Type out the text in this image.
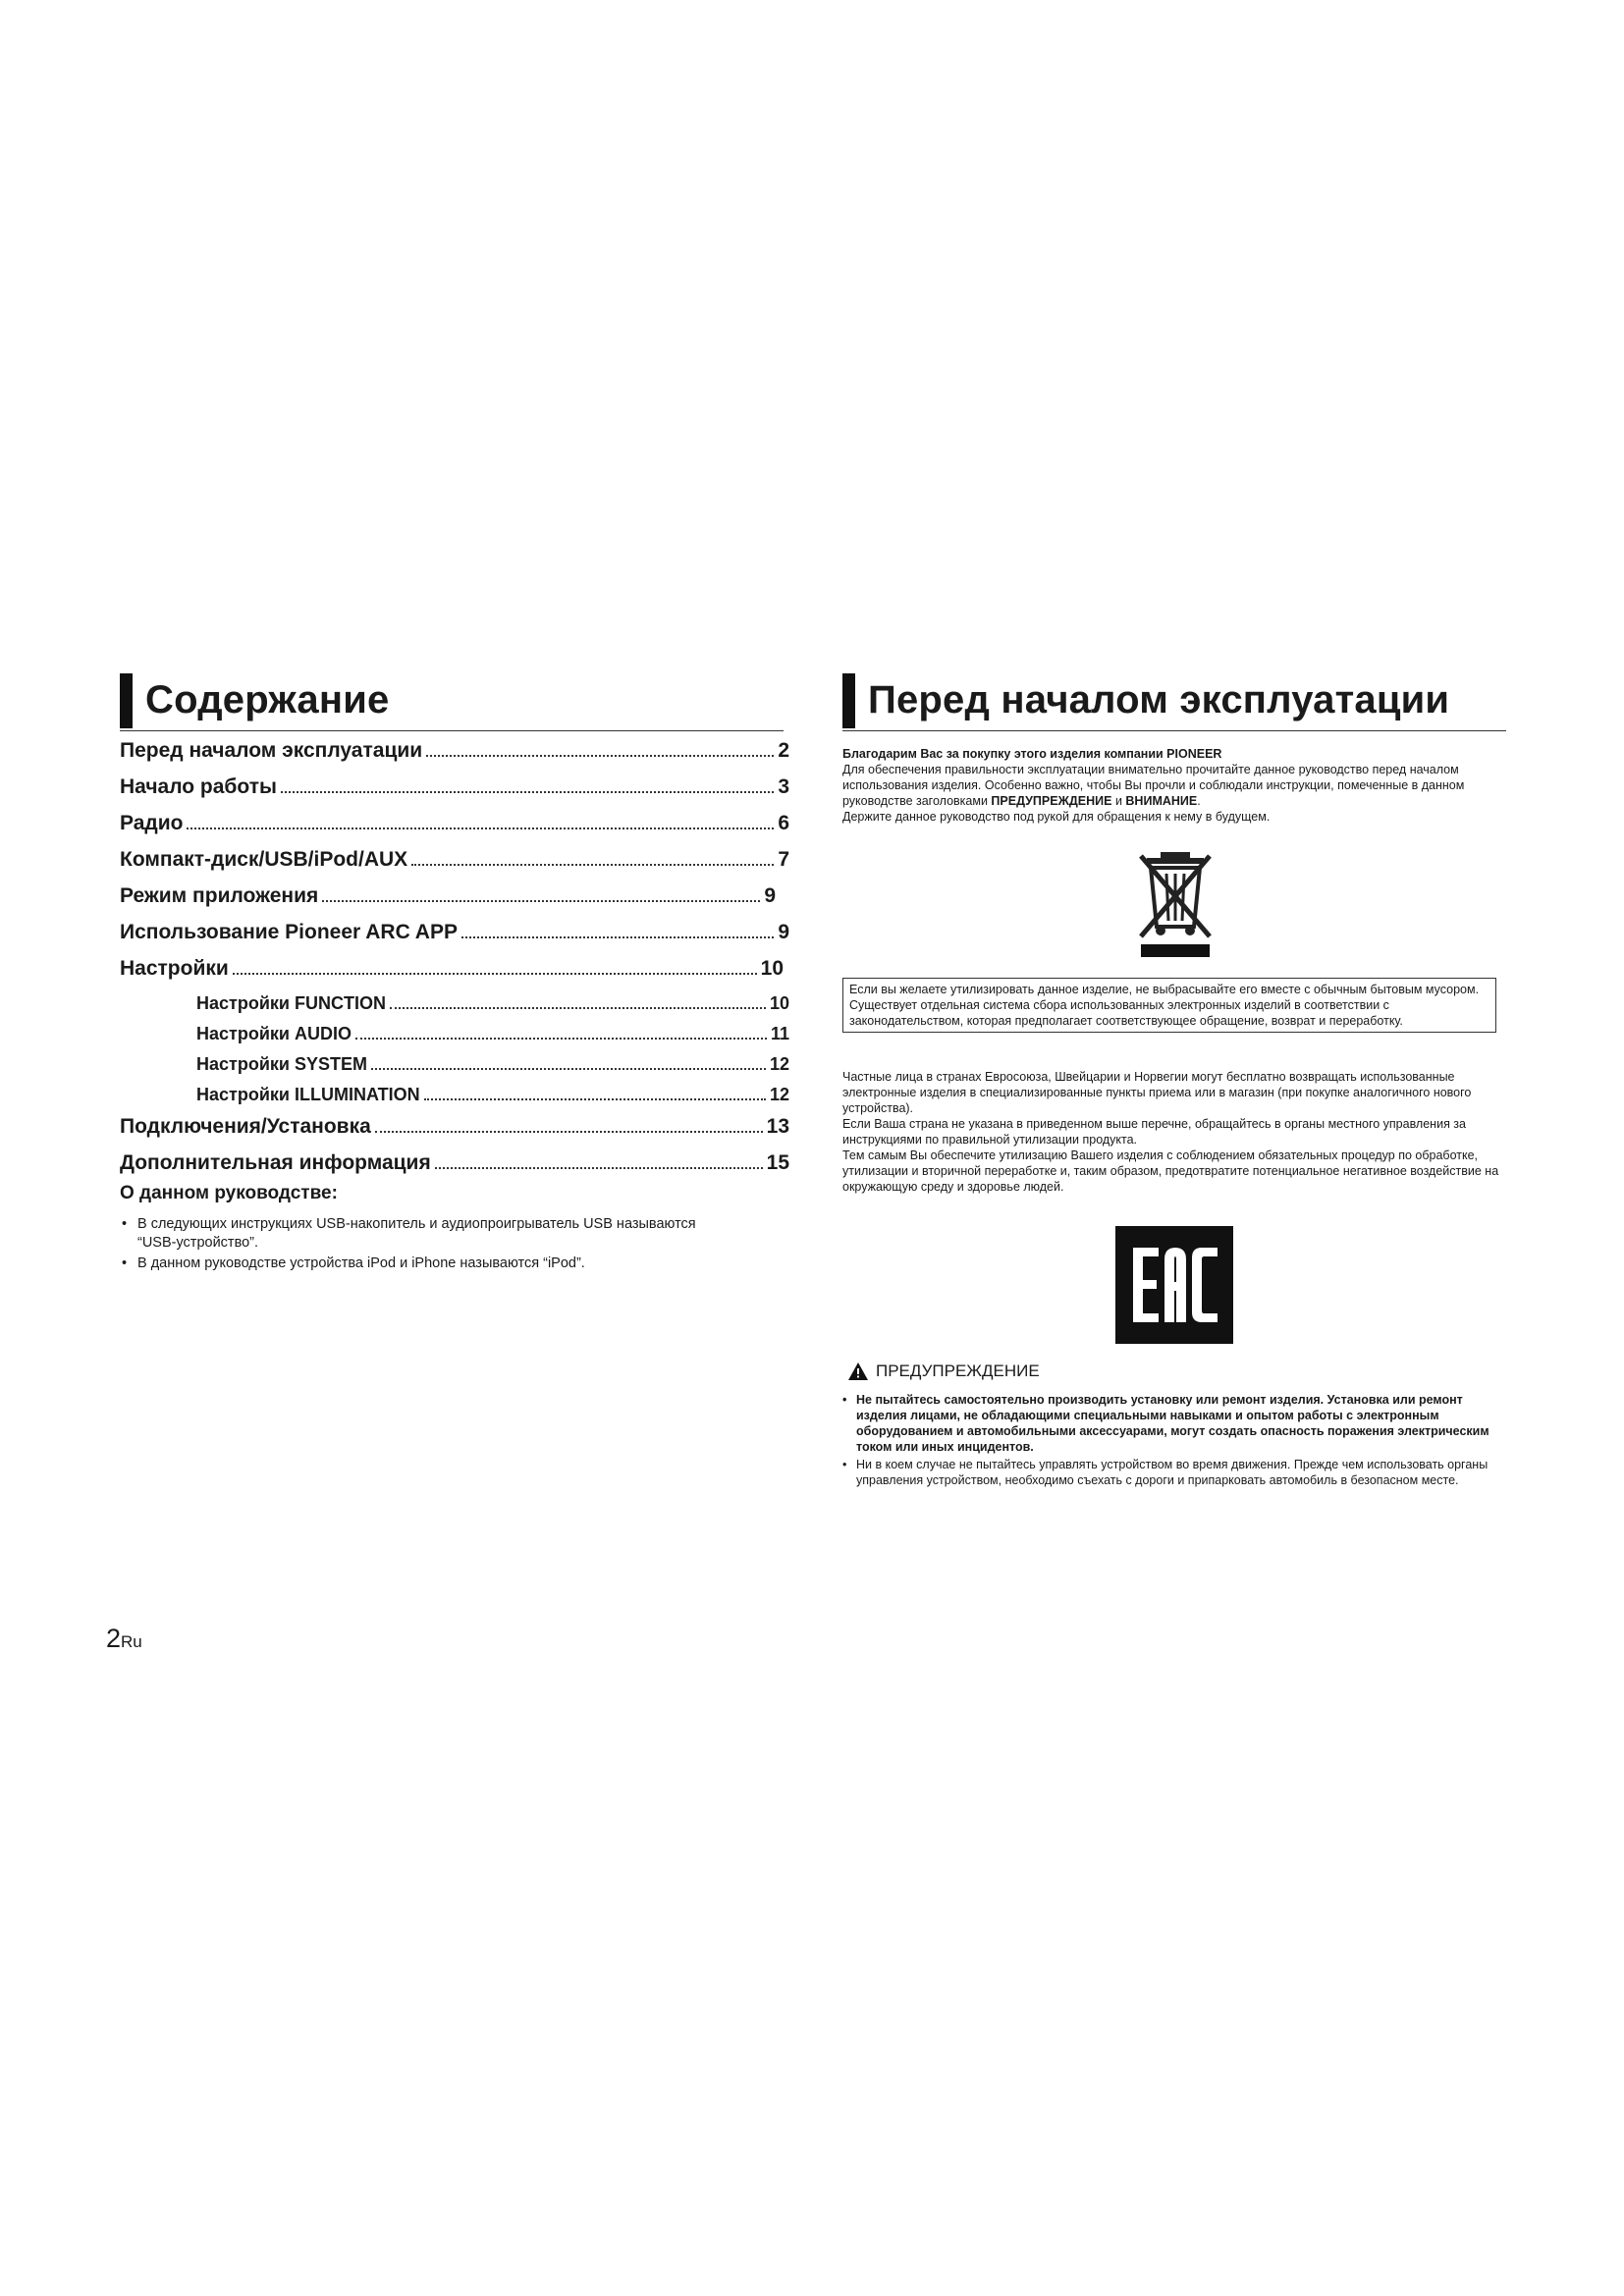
Содержание
Перед началом эксплуатации	2
Начало работы	3
Радио	6
Компакт-диск/USB/iPod/AUX	7
Режим приложения	9
Использование Pioneer ARC APP	9
Настройки	10
Настройки FUNCTION	10
Настройки AUDIO	11
Настройки SYSTEM	12
Настройки ILLUMINATION	12
Подключения/Установка	13
Дополнительная информация	15
О данном руководстве:
• В следующих инструкциях USB-накопитель и аудиопроигрыватель USB называются “USB-устройство”.
• В данном руководстве устройства iPod и iPhone называются “iPod”.
Перед началом эксплуатации
Благодарим Вас за покупку этого изделия компании PIONEER
Для обеспечения правильности эксплуатации внимательно прочитайте данное руководство перед началом использования изделия. Особенно важно, чтобы Вы прочли и соблюдали инструкции, помеченные в данном руководстве заголовками ПРЕДУПРЕЖДЕНИЕ и ВНИМАНИЕ.
Держите данное руководство под рукой для обращения к нему в будущем.
Если вы желаете утилизировать данное изделие, не выбрасывайте его вместе с обычным бытовым мусором. Существует отдельная система сбора использованных электронных изделий в соответствии с законодательством, которая предполагает соответствующее обращение, возврат и переработку.
Частные лица в странах Евросоюза, Швейцарии и Норвегии могут бесплатно возвращать использованные электронные изделия в специализированные пункты приема или в магазин (при покупке аналогичного нового устройства).
Если Ваша страна не указана в приведенном выше перечне, обращайтесь в органы местного управления за инструкциями по правильной утилизации продукта.
Тем самым Вы обеспечите утилизацию Вашего изделия с соблюдением обязательных процедур по обработке, утилизации и вторичной переработке и, таким образом, предотвратите потенциальное негативное воздействие на окружающую среду и здоровье людей.
ПРЕДУПРЕЖДЕНИЕ
• Не пытайтесь самостоятельно производить установку или ремонт изделия. Установка или ремонт изделия лицами, не обладающими специальными навыками и опытом работы с электронным оборудованием и автомобильными аксессуарами, могут создать опасность поражения электрическим током или иных инцидентов.
• Ни в коем случае не пытайтесь управлять устройством во время движения. Прежде чем использовать органы управления устройством, необходимо съехать с дороги и припарковать автомобиль в безопасном месте.
2Ru
